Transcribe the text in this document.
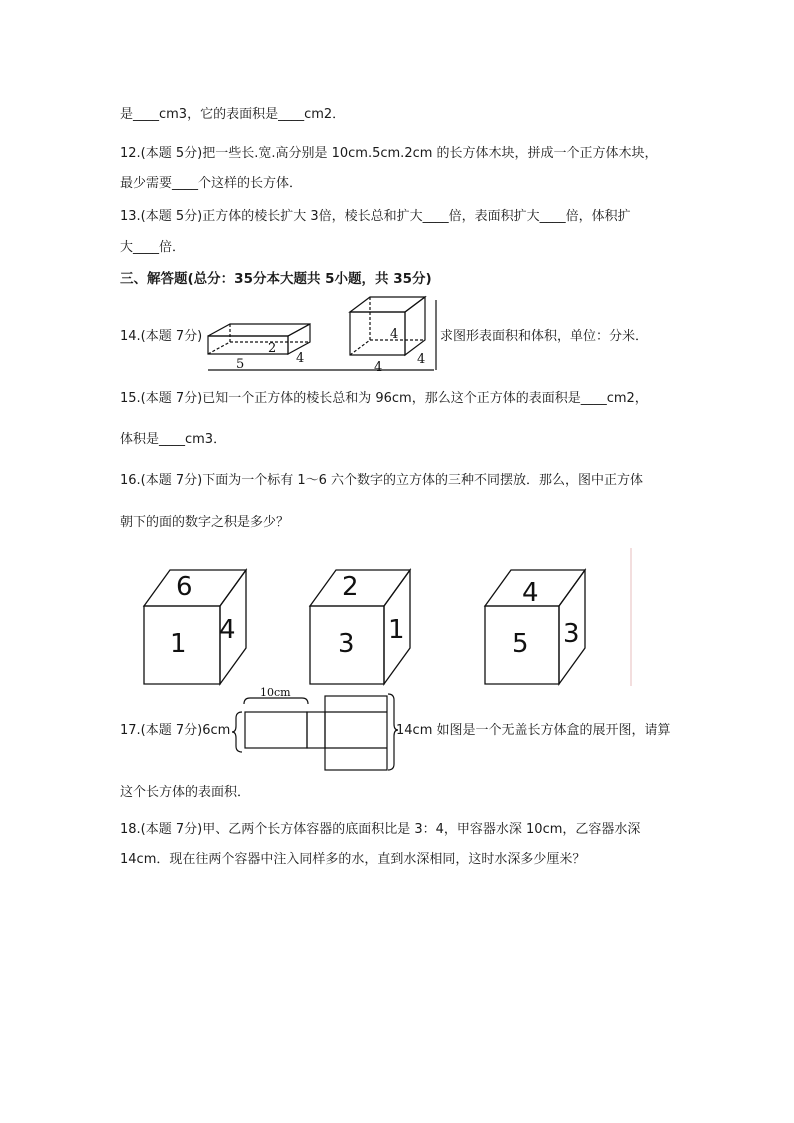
是____cm3，它的表面积是____cm2．
12.(本题 5分)把一些长.宽.高分别是 10cm.5cm.2cm 的长方体木块，拼成一个正方体木块，
最少需要____个这样的长方体．
13.(本题 5分)正方体的棱长扩大 3倍，棱长总和扩大____倍，表面积扩大____倍，体积扩
大____倍．
三、解答题(总分：35分本大题共 5小题，共 35分)
14.(本题 7分)
5
2
4
4
4
4
求图形表面积和体积，单位：分米．
15.(本题 7分)已知一个正方体的棱长总和为 96cm，那么这个正方体的表面积是____cm2，
体积是____cm3．
16.(本题 7分)下面为一个标有 1～6 六个数字的立方体的三种不同摆放．那么，图中正方体
朝下的面的数字之积是多少？
6
1 4
2
3 1
4
5 3
17.(本题 7分)6cm
10cm
14cm 如图是一个无盖长方体盒的展开图，请算
这个长方体的表面积．
18.(本题 7分)甲、乙两个长方体容器的底面积比是 3：4，甲容器水深 10cm，乙容器水深
14cm．现在往两个容器中注入同样多的水，直到水深相同，这时水深多少厘米？
